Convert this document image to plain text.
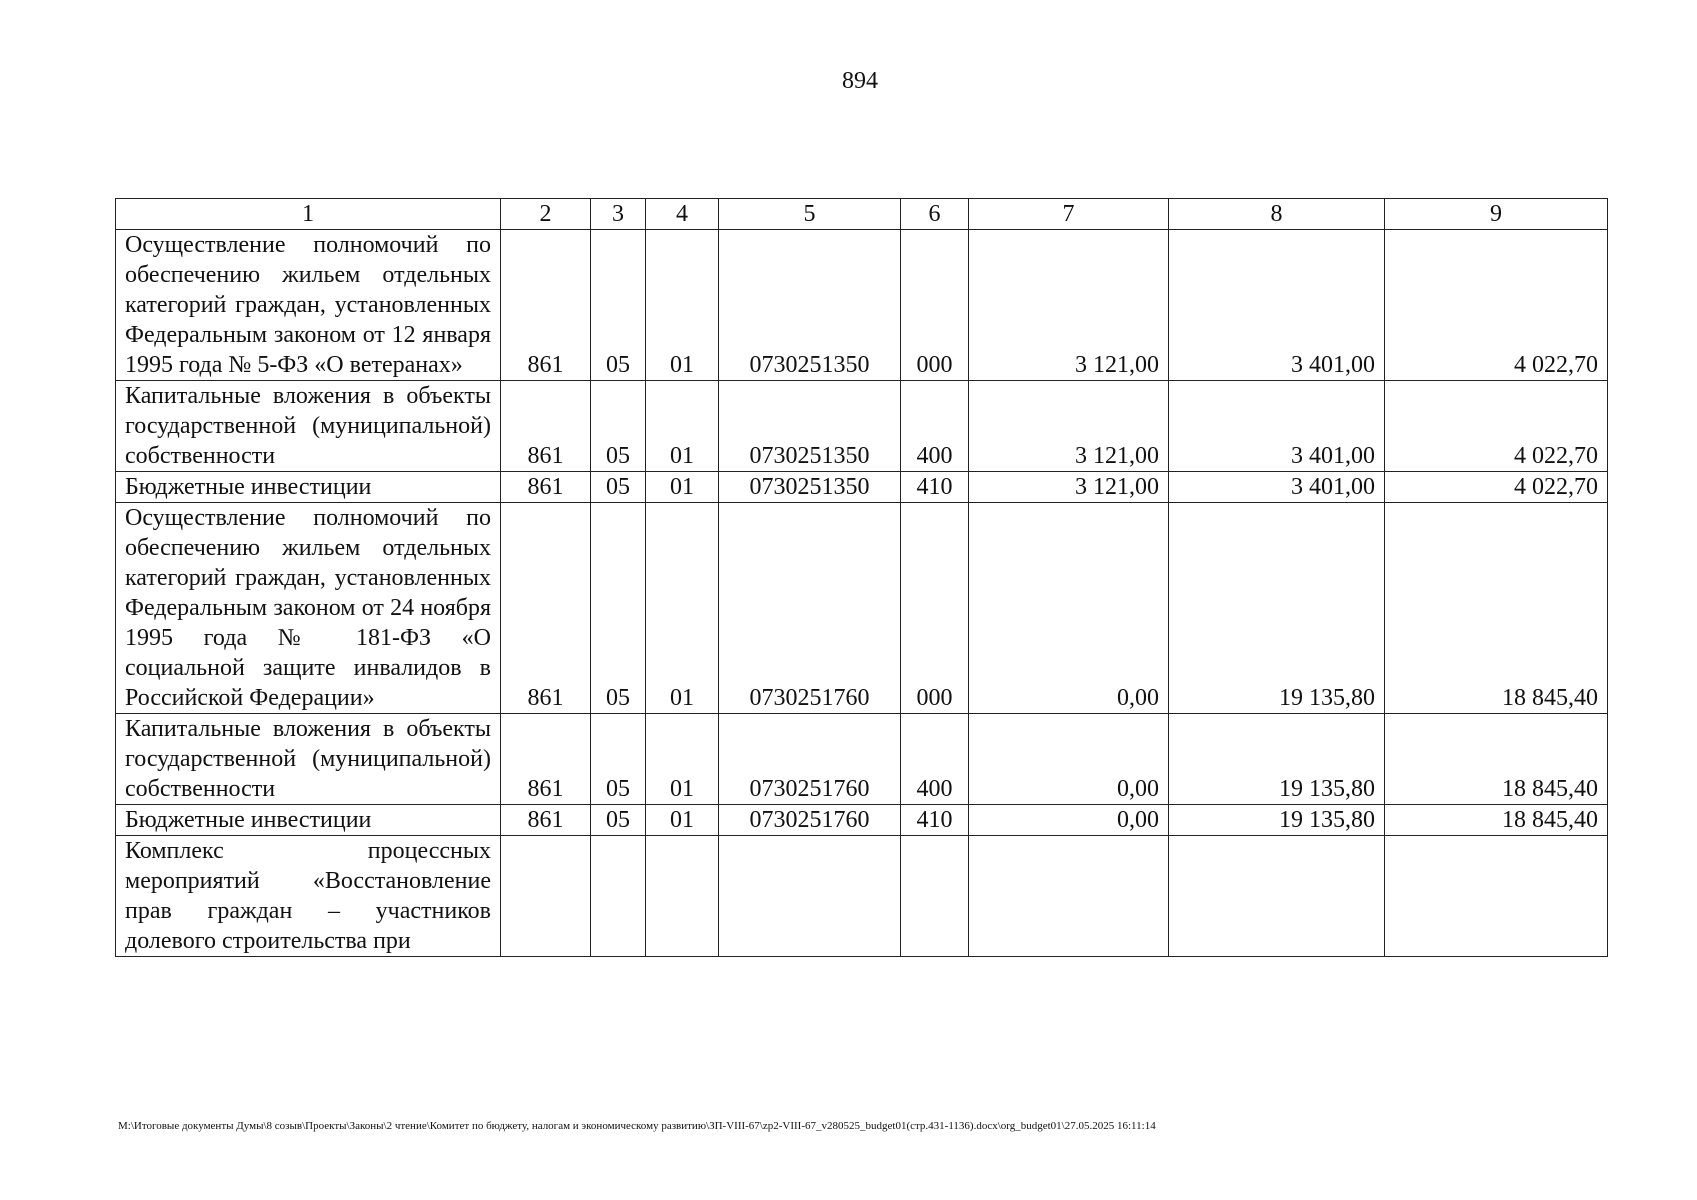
894
1	2	3	4	5	6	7	8	9
Осуществление полномочий по обеспечению жильем отдельных категорий граждан, установленных Федеральным законом от 12 января 1995 года № 5-ФЗ «О ветеранах»	861	05	01	0730251350	000	3 121,00	3 401,00	4 022,70
Капитальные вложения в объекты государственной (муниципальной) собственности	861	05	01	0730251350	400	3 121,00	3 401,00	4 022,70
Бюджетные инвестиции	861	05	01	0730251350	410	3 121,00	3 401,00	4 022,70
Осуществление полномочий по обеспечению жильем отдельных категорий граждан, установленных Федеральным законом от 24 ноября 1995 года № 181-ФЗ «О социальной защите инвалидов в Российской Федерации»	861	05	01	0730251760	000	0,00	19 135,80	18 845,40
Капитальные вложения в объекты государственной (муниципальной) собственности	861	05	01	0730251760	400	0,00	19 135,80	18 845,40
Бюджетные инвестиции	861	05	01	0730251760	410	0,00	19 135,80	18 845,40
Комплекс процессных мероприятий «Восстановление прав граждан – участников долевого строительства при								
M:\Итоговые документы Думы\8 созыв\Проекты\Законы\2 чтение\Комитет по бюджету, налогам и экономическому развитию\ЗП-VIII-67\zp2-VIII-67_v280525_budget01(стр.431-1136).docx\org_budget01\27.05.2025 16:11:14
